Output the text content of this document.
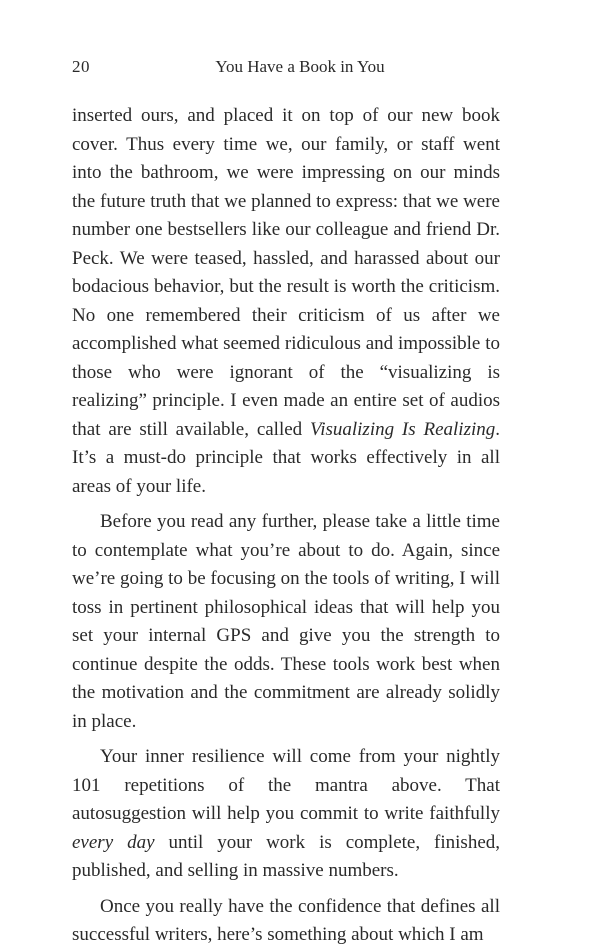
20	You Have a Book in You

inserted ours, and placed it on top of our new book cover. Thus every time we, our family, or staff went into the bathroom, we were impressing on our minds the future truth that we planned to express: that we were number one bestsellers like our colleague and friend Dr. Peck. We were teased, hassled, and harassed about our bodacious behavior, but the result is worth the criticism. No one remembered their criticism of us after we accomplished what seemed ridiculous and impossible to those who were ignorant of the “visualizing is realizing” principle. I even made an entire set of audios that are still available, called Visualizing Is Realizing. It’s a must-do principle that works effectively in all areas of your life.

Before you read any further, please take a little time to contemplate what you’re about to do. Again, since we’re going to be focusing on the tools of writing, I will toss in pertinent philosophical ideas that will help you set your internal GPS and give you the strength to continue despite the odds. These tools work best when the motivation and the commitment are already solidly in place.

Your inner resilience will come from your nightly 101 repetitions of the mantra above. That autosuggestion will help you commit to write faithfully every day until your work is complete, finished, published, and selling in massive numbers.

Once you really have the confidence that defines all successful writers, here’s something about which I am
